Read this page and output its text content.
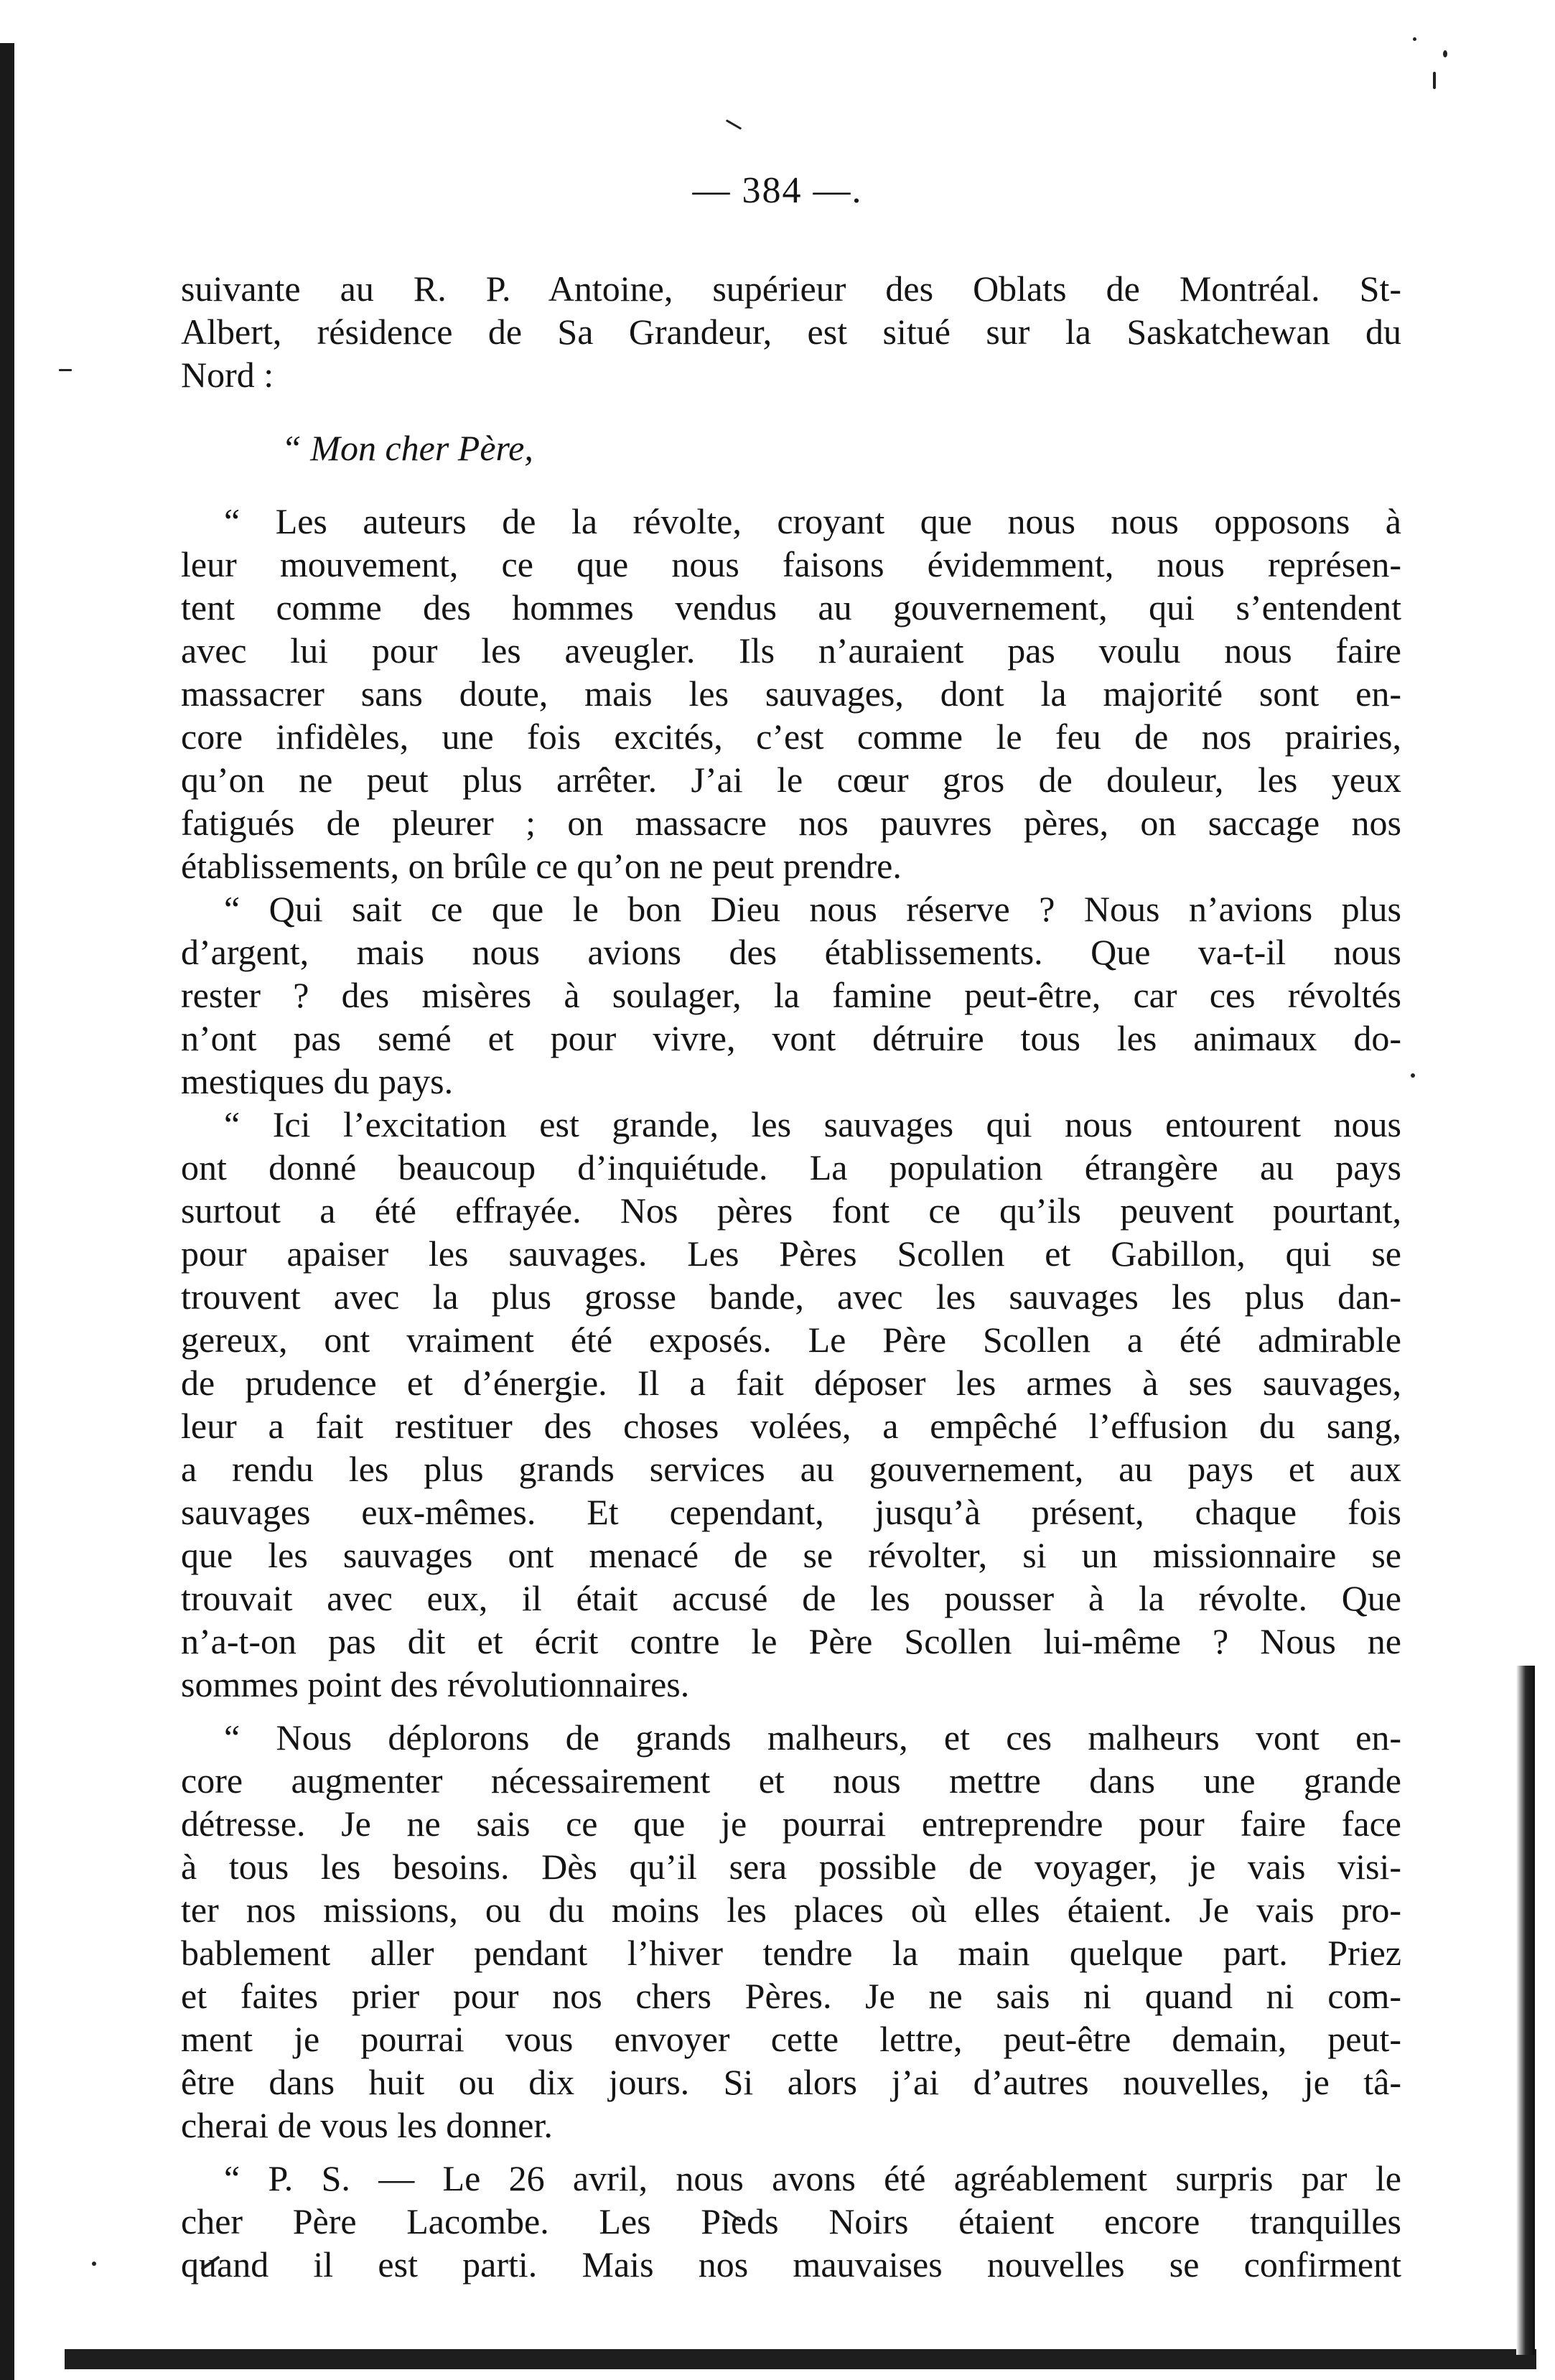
— 384 —.
suivante au R. P. Antoine, supérieur des Oblats de Montréal. St-
Albert, résidence de Sa Grandeur, est situé sur la Saskatchewan du
Nord :
“ Mon cher Père,
“ Les auteurs de la révolte, croyant que nous nous opposons à
leur mouvement, ce que nous faisons évidemment, nous représen-
tent comme des hommes vendus au gouvernement, qui s’entendent
avec lui pour les aveugler. Ils n’auraient pas voulu nous faire
massacrer sans doute, mais les sauvages, dont la majorité sont en-
core infidèles, une fois excités, c’est comme le feu de nos prairies,
qu’on ne peut plus arrêter. J’ai le cœur gros de douleur, les yeux
fatigués de pleurer ; on massacre nos pauvres pères, on saccage nos
établissements, on brûle ce qu’on ne peut prendre.
“ Qui sait ce que le bon Dieu nous réserve ? Nous n’avions plus
d’argent, mais nous avions des établissements. Que va-t-il nous
rester ? des misères à soulager, la famine peut-être, car ces révoltés
n’ont pas semé et pour vivre, vont détruire tous les animaux do-
mestiques du pays.
“ Ici l’excitation est grande, les sauvages qui nous entourent nous
ont donné beaucoup d’inquiétude. La population étrangère au pays
surtout a été effrayée. Nos pères font ce qu’ils peuvent pourtant,
pour apaiser les sauvages. Les Pères Scollen et Gabillon, qui se
trouvent avec la plus grosse bande, avec les sauvages les plus dan-
gereux, ont vraiment été exposés. Le Père Scollen a été admirable
de prudence et d’énergie. Il a fait déposer les armes à ses sauvages,
leur a fait restituer des choses volées, a empêché l’effusion du sang,
a rendu les plus grands services au gouvernement, au pays et aux
sauvages eux-mêmes. Et cependant, jusqu’à présent, chaque fois
que les sauvages ont menacé de se révolter, si un missionnaire se
trouvait avec eux, il était accusé de les pousser à la révolte. Que
n’a-t-on pas dit et écrit contre le Père Scollen lui-même ? Nous ne
sommes point des révolutionnaires.
“ Nous déplorons de grands malheurs, et ces malheurs vont en-
core augmenter nécessairement et nous mettre dans une grande
détresse. Je ne sais ce que je pourrai entreprendre pour faire face
à tous les besoins. Dès qu’il sera possible de voyager, je vais visi-
ter nos missions, ou du moins les places où elles étaient. Je vais pro-
bablement aller pendant l’hiver tendre la main quelque part. Priez
et faites prier pour nos chers Pères. Je ne sais ni quand ni com-
ment je pourrai vous envoyer cette lettre, peut-être demain, peut-
être dans huit ou dix jours. Si alors j’ai d’autres nouvelles, je tâ-
cherai de vous les donner.
“ P. S. — Le 26 avril, nous avons été agréablement surpris par le
cher Père Lacombe. Les Pieds Noirs étaient encore tranquilles
quand il est parti. Mais nos mauvaises nouvelles se confirment
